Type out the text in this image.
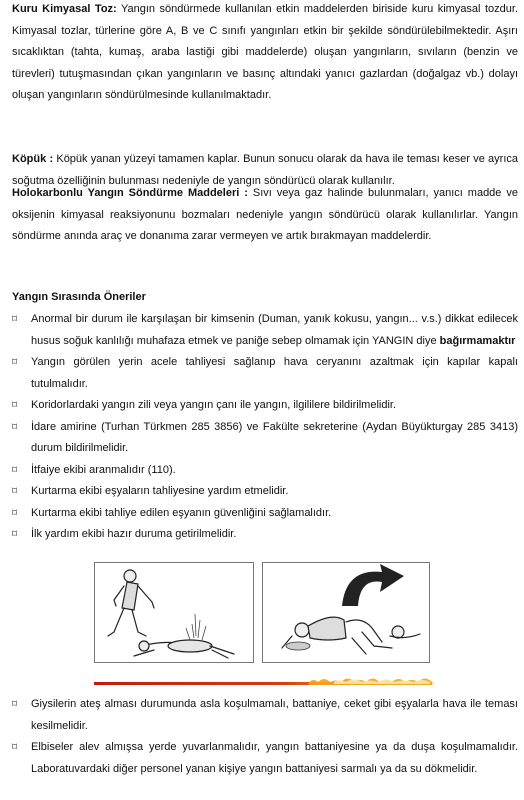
Kuru Kimyasal Toz: Yangın söndürmede kullanılan etkin maddelerden biriside kuru kimyasal tozdur. Kimyasal tozlar, türlerine göre A, B ve C sınıfı yangınları etkin bir şekilde söndürülebilmektedir. Aşırı sıcaklıktan (tahta, kumaş, araba lastiği gibi maddelerde) oluşan yangınların, sıvıların (benzin ve türevleri) tutuşmasından çıkan yangınların ve basınç altındaki yanıcı gazlardan (doğalgaz vb.) dolayı oluşan yangınların söndürülmesinde kullanılmaktadır.

Köpük : Köpük yanan yüzeyi tamamen kaplar. Bunun sonucu olarak da hava ile teması keser ve ayrıca soğutma özelliğinin bulunması nedeniyle de yangın söndürücü olarak kullanılır.

Holokarbonlu Yangın Söndürme Maddeleri : Sıvı veya gaz halinde bulunmaları, yanıcı madde ve oksijenin kimyasal reaksiyonunu bozmaları nedeniyle yangın söndürücü olarak kullanılırlar. Yangın söndürme anında araç ve donanıma zarar vermeyen ve artık bırakmayan maddelerdir.

Yangın Sırasında Öneriler

⌑	Anormal bir durum ile karşılaşan bir kimsenin (Duman, yanık kokusu, yangın... v.s.) dikkat edilecek husus soğuk kanlılığı muhafaza etmek ve paniğe sebep olmamak için YANGIN diye bağırmamaktır
⌑	Yangın görülen yerin acele tahliyesi sağlanıp hava ceryanını azaltmak için kapılar kapalı tutulmalıdır.
⌑	Koridorlardaki yangın zili veya yangın çanı ile yangın, ilgililere bildirilmelidir.
⌑	İdare amirine (Turhan Türkmen 285 3856) ve Fakülte sekreterine (Aydan Büyükturgay 285 3413) durum bildirilmelidir.
⌑	İtfaiye ekibi aranmalıdır (110).
⌑	Kurtarma ekibi eşyaların tahliyesine yardım etmelidir.
⌑	Kurtarma ekibi tahliye edilen eşyanın güvenliğini sağlamalıdır.
⌑	İlk yardım ekibi hazır duruma getirilmelidir.
⌑	Giysilerin ateş alması durumunda asla koşulmamalı, battaniye, ceket gibi eşyalarla hava ile teması kesilmelidir.
⌑	Elbiseler alev almışsa yerde yuvarlanmalıdır, yangın battaniyesine ya da duşa koşulmamalıdır. Laboratuvardaki diğer personel yanan kişiye yangın battaniyesi sarmalı ya da su dökmelidir.
